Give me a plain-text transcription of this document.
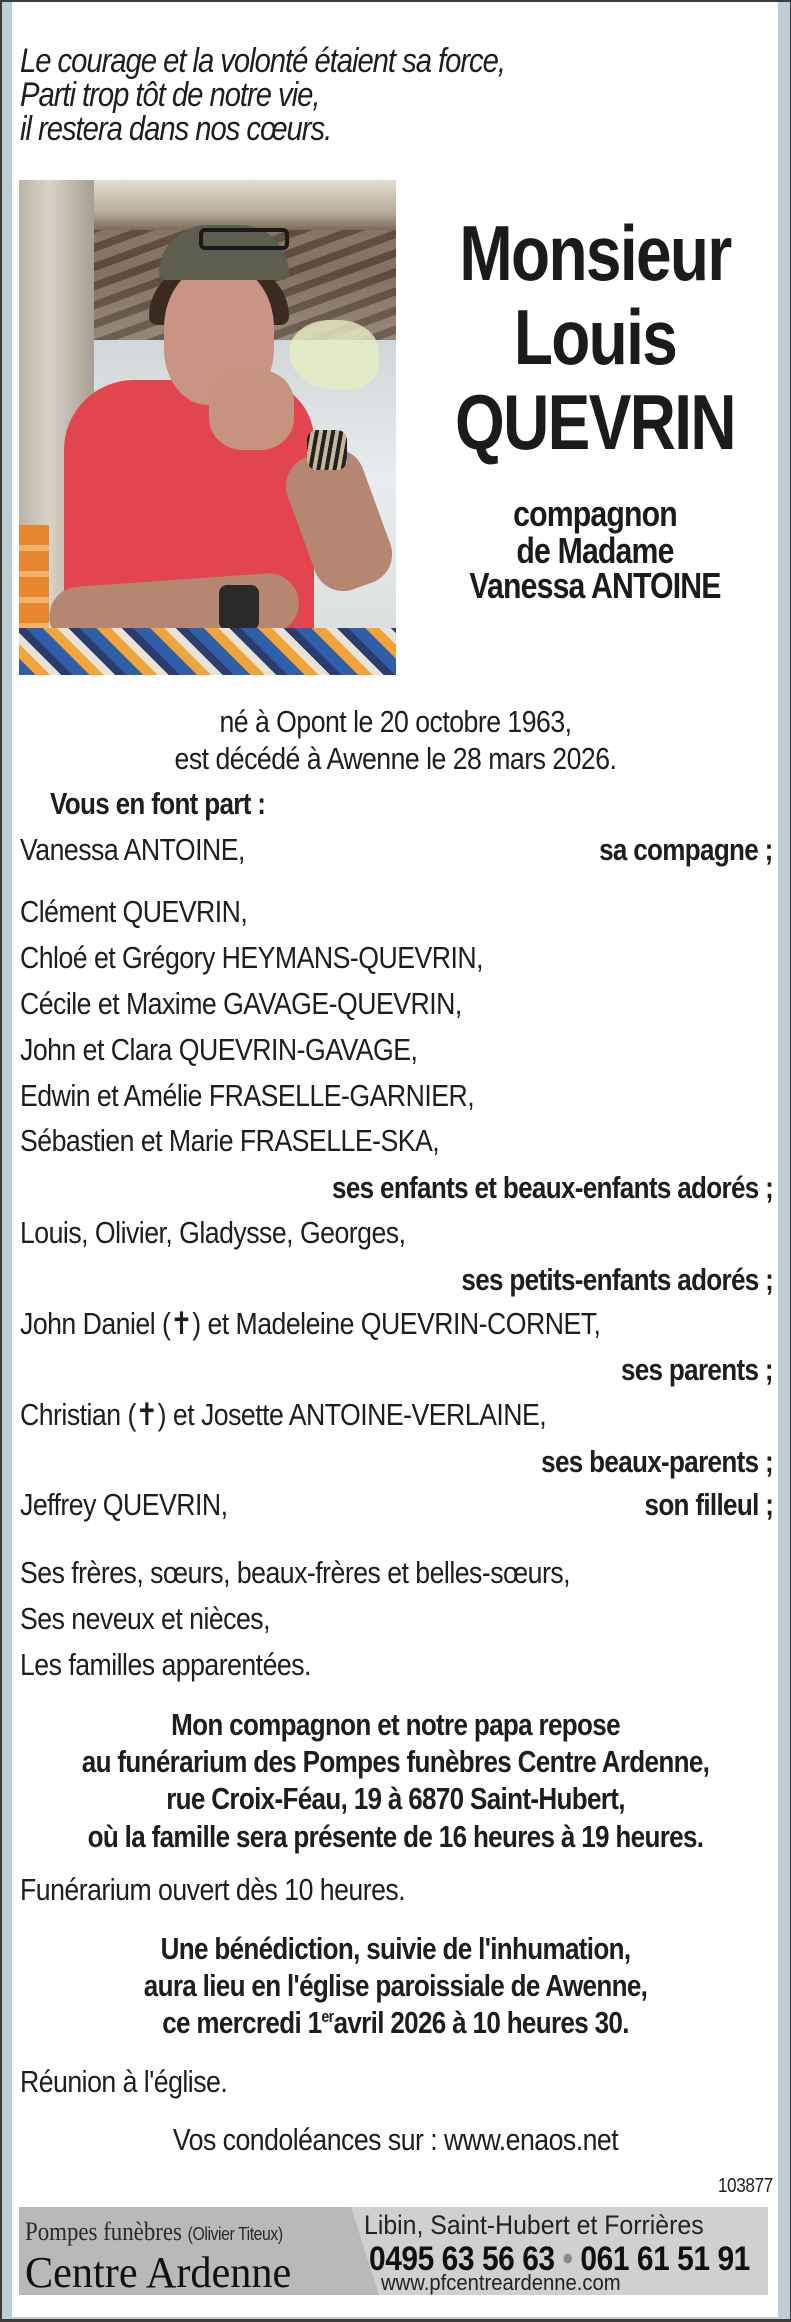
Le courage et la volonté étaient sa force,
Parti trop tôt de notre vie,
il restera dans nos cœurs.
Monsieur
Louis
QUEVRIN
compagnon
de Madame
Vanessa ANTOINE
né à Opont le 20 octobre 1963,
est décédé à Awenne le 28 mars 2026.
Vous en font part :
Vanessa ANTOINE,	sa compagne ;
Clément QUEVRIN,
Chloé et Grégory HEYMANS-QUEVRIN,
Cécile et Maxime GAVAGE-QUEVRIN,
John et Clara QUEVRIN-GAVAGE,
Edwin et Amélie FRASELLE-GARNIER,
Sébastien et Marie FRASELLE-SKA,
ses enfants et beaux-enfants adorés ;
Louis, Olivier, Gladysse, Georges,
ses petits-enfants adorés ;
John Daniel (✝) et Madeleine QUEVRIN-CORNET,
ses parents ;
Christian (✝) et Josette ANTOINE-VERLAINE,
ses beaux-parents ;
Jeffrey QUEVRIN,	son filleul ;
Ses frères, sœurs, beaux-frères et belles-sœurs,
Ses neveux et nièces,
Les familles apparentées.
Mon compagnon et notre papa repose
au funérarium des Pompes funèbres Centre Ardenne,
rue Croix-Féau, 19 à 6870 Saint-Hubert,
où la famille sera présente de 16 heures à 19 heures.
Funérarium ouvert dès 10 heures.
Une bénédiction, suivie de l'inhumation,
aura lieu en l'église paroissiale de Awenne,
ce mercredi 1eravril 2026 à 10 heures 30.
Réunion à l'église.
Vos condoléances sur : www.enaos.net
103877
Pompes funèbres (Olivier Titeux)
Centre Ardenne
Libin, Saint-Hubert et Forrières
0495 63 56 63 • 061 61 51 91
www.pfcentreardenne.com
